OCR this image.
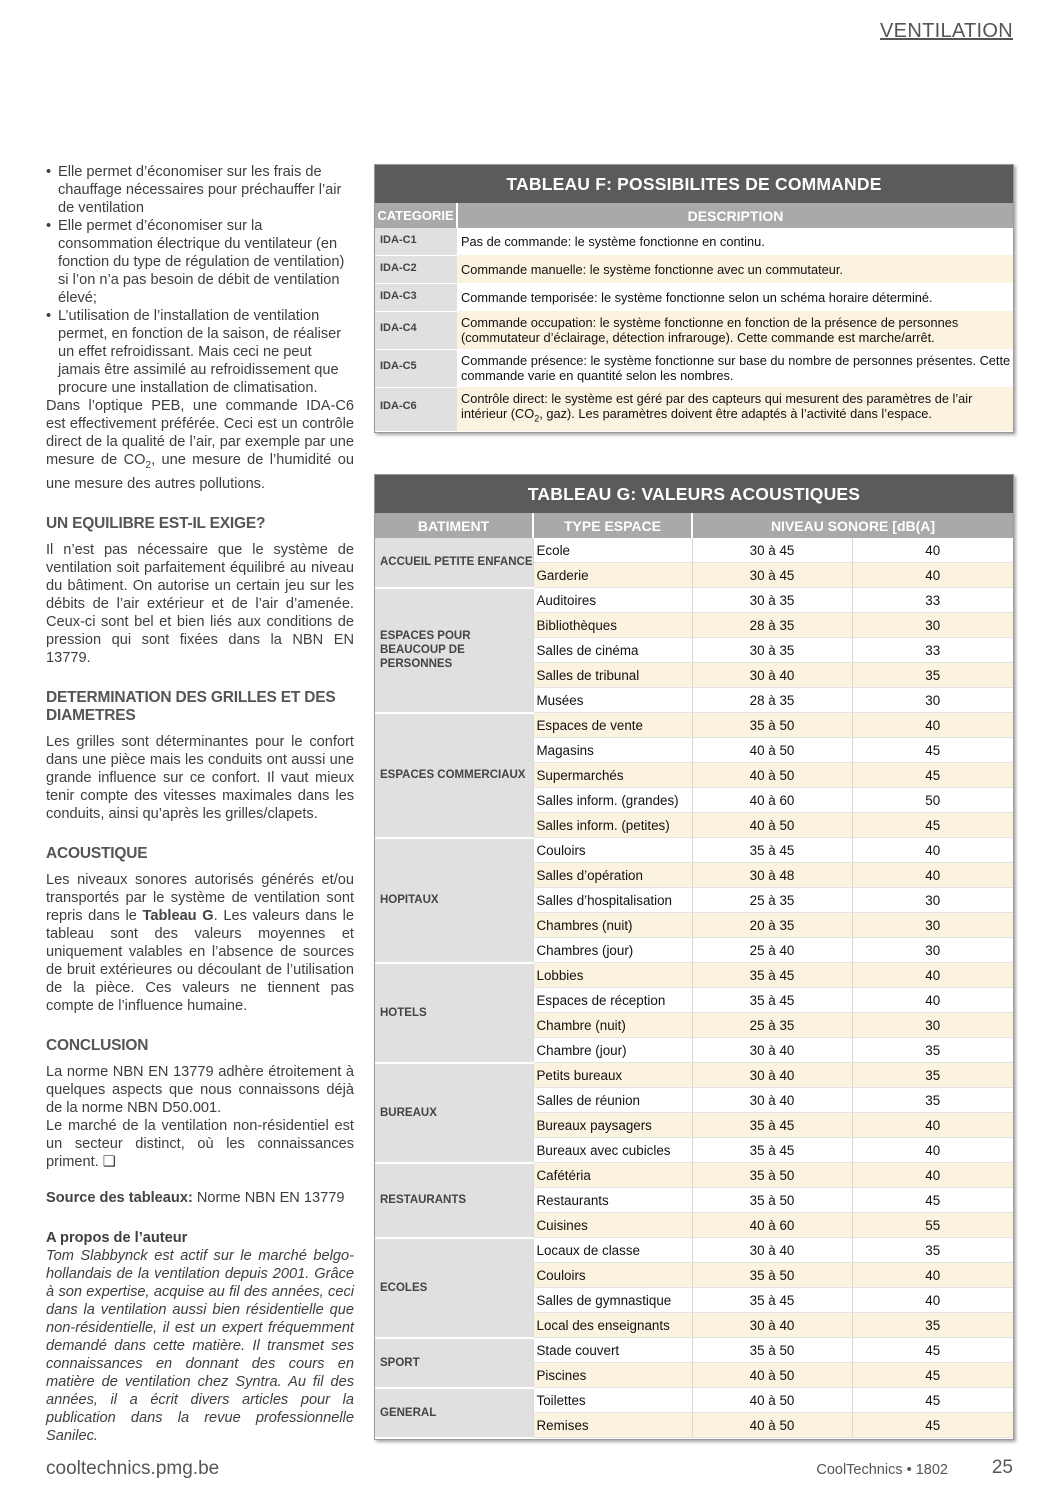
VENTILATION
• Elle permet d’économiser sur les frais de chauffage nécessaires pour préchauffer l’air de ventilation
• Elle permet d’économiser sur la consommation électrique du ventilateur (en fonction du type de régulation de ventilation) si l’on n’a pas besoin de débit de ventilation élevé;
• L’utilisation de l’installation de ventilation permet, en fonction de la saison, de réaliser un effet refroidissant. Mais ceci ne peut jamais être assimilé au refroidissement que procure une installation de climatisation.

Dans l’optique PEB, une commande IDA-C6 est effectivement préférée. Ceci est un contrôle direct de la qualité de l’air, par exemple par une mesure de $CO_2$, une mesure de l’humidité ou une mesure des autres pollutions.

UN EQUILIBRE EST-IL EXIGE?

Il n’est pas nécessaire que le système de ventilation soit parfaitement équilibré au niveau du bâtiment. On autorise un certain jeu sur les débits de l’air extérieur et de l’air d’amenée. Ceux-ci sont bel et bien liés aux conditions de pression qui sont fixées dans la NBN EN 13779.

DETERMINATION DES GRILLES ET DES DIAMETRES

Les grilles sont déterminantes pour le confort dans une pièce mais les conduits ont aussi une grande influence sur ce confort. Il vaut mieux tenir compte des vitesses maximales dans les conduits, ainsi qu’après les grilles/clapets.

ACOUSTIQUE

Les niveaux sonores autorisés générés et/ou transportés par le système de ventilation sont repris dans le Tableau G. Les valeurs dans le tableau sont des valeurs moyennes et uniquement valables en l’absence de sources de bruit extérieures ou découlant de l’utilisation de la pièce. Ces valeurs ne tiennent pas compte de l’influence humaine.

CONCLUSION

La norme NBN EN 13779 adhère étroitement à quelques aspects que nous connaissons déjà de la norme NBN D50.001.

Le marché de la ventilation non-résidentiel est un secteur distinct, où les connaissances priment. ❑

Source des tableaux: Norme NBN EN 13779

A propos de l’auteur
Tom Slabbynck est actif sur le marché belgo-hollandais de la ventilation depuis 2001. Grâce à son expertise, acquise au fil des années, ceci dans la ventilation aussi bien résidentielle que non-résidentielle, il est un expert fréquemment demandé dans cette matière. Il transmet ses connaissances en donnant des cours en matière de ventilation chez Syntra. Au fil des années, il a écrit divers articles pour la publication dans la revue professionnelle Sanilec.
TABLEAU F: POSSIBILITES DE COMMANDE
CATEGORIE	DESCRIPTION
IDA-C1	Pas de commande: le système fonctionne en continu.
IDA-C2	Commande manuelle: le système fonctionne avec un commutateur.
IDA-C3	Commande temporisée: le système fonctionne selon un schéma horaire déterminé.
IDA-C4	Commande occupation: le système fonctionne en fonction de la présence de personnes (commutateur d’éclairage, détection infrarouge). Cette commande est marche/arrêt.
IDA-C5	Commande présence: le système fonctionne sur base du nombre de personnes présentes. Cette commande varie en quantité selon les nombres.
IDA-C6	Contrôle direct: le système est géré par des capteurs qui mesurent des paramètres de l’air intérieur ($CO_2$, gaz). Les paramètres doivent être adaptés à l’activité dans l’espace.
TABLEAU G: VALEURS ACOUSTIQUES
BATIMENT	TYPE ESPACE	NIVEAU SONORE [dB(A]	
ACCUEIL PETITE ENFANCE	Ecole	30 à 45	40
	Garderie	30 à 45	40
ESPACES POUR BEAUCOUP DE PERSONNES	Auditoires	30 à 35	33
	Bibliothèques	28 à 35	30
	Salles de cinéma	30 à 35	33
	Salles de tribunal	30 à 40	35
	Musées	28 à 35	30
ESPACES COMMERCIAUX	Espaces de vente	35 à 50	40
	Magasins	40 à 50	45
	Supermarchés	40 à 50	45
	Salles inform. (grandes)	40 à 60	50
	Salles inform. (petites)	40 à 50	45
HOPITAUX	Couloirs	35 à 45	40
	Salles d’opération	30 à 48	40
	Salles d’hospitalisation	25 à 35	30
	Chambres (nuit)	20 à 35	30
	Chambres (jour)	25 à 40	30
HOTELS	Lobbies	35 à 45	40
	Espaces de réception	35 à 45	40
	Chambre (nuit)	25 à 35	30
	Chambre (jour)	30 à 40	35
BUREAUX	Petits bureaux	30 à 40	35
	Salles de réunion	30 à 40	35
	Bureaux paysagers	35 à 45	40
	Bureaux avec cubicles	35 à 45	40
RESTAURANTS	Cafétéria	35 à 50	40
	Restaurants	35 à 50	45
	Cuisines	40 à 60	55
ECOLES	Locaux de classe	30 à 40	35
	Couloirs	35 à 50	40
	Salles de gymnastique	35 à 45	40
	Local des enseignants	30 à 40	35
SPORT	Stade couvert	35 à 50	45
	Piscines	40 à 50	45
GENERAL	Toilettes	40 à 50	45
	Remises	40 à 50	45
cooltechnics.pmg.be	CoolTechnics • 1802 25
